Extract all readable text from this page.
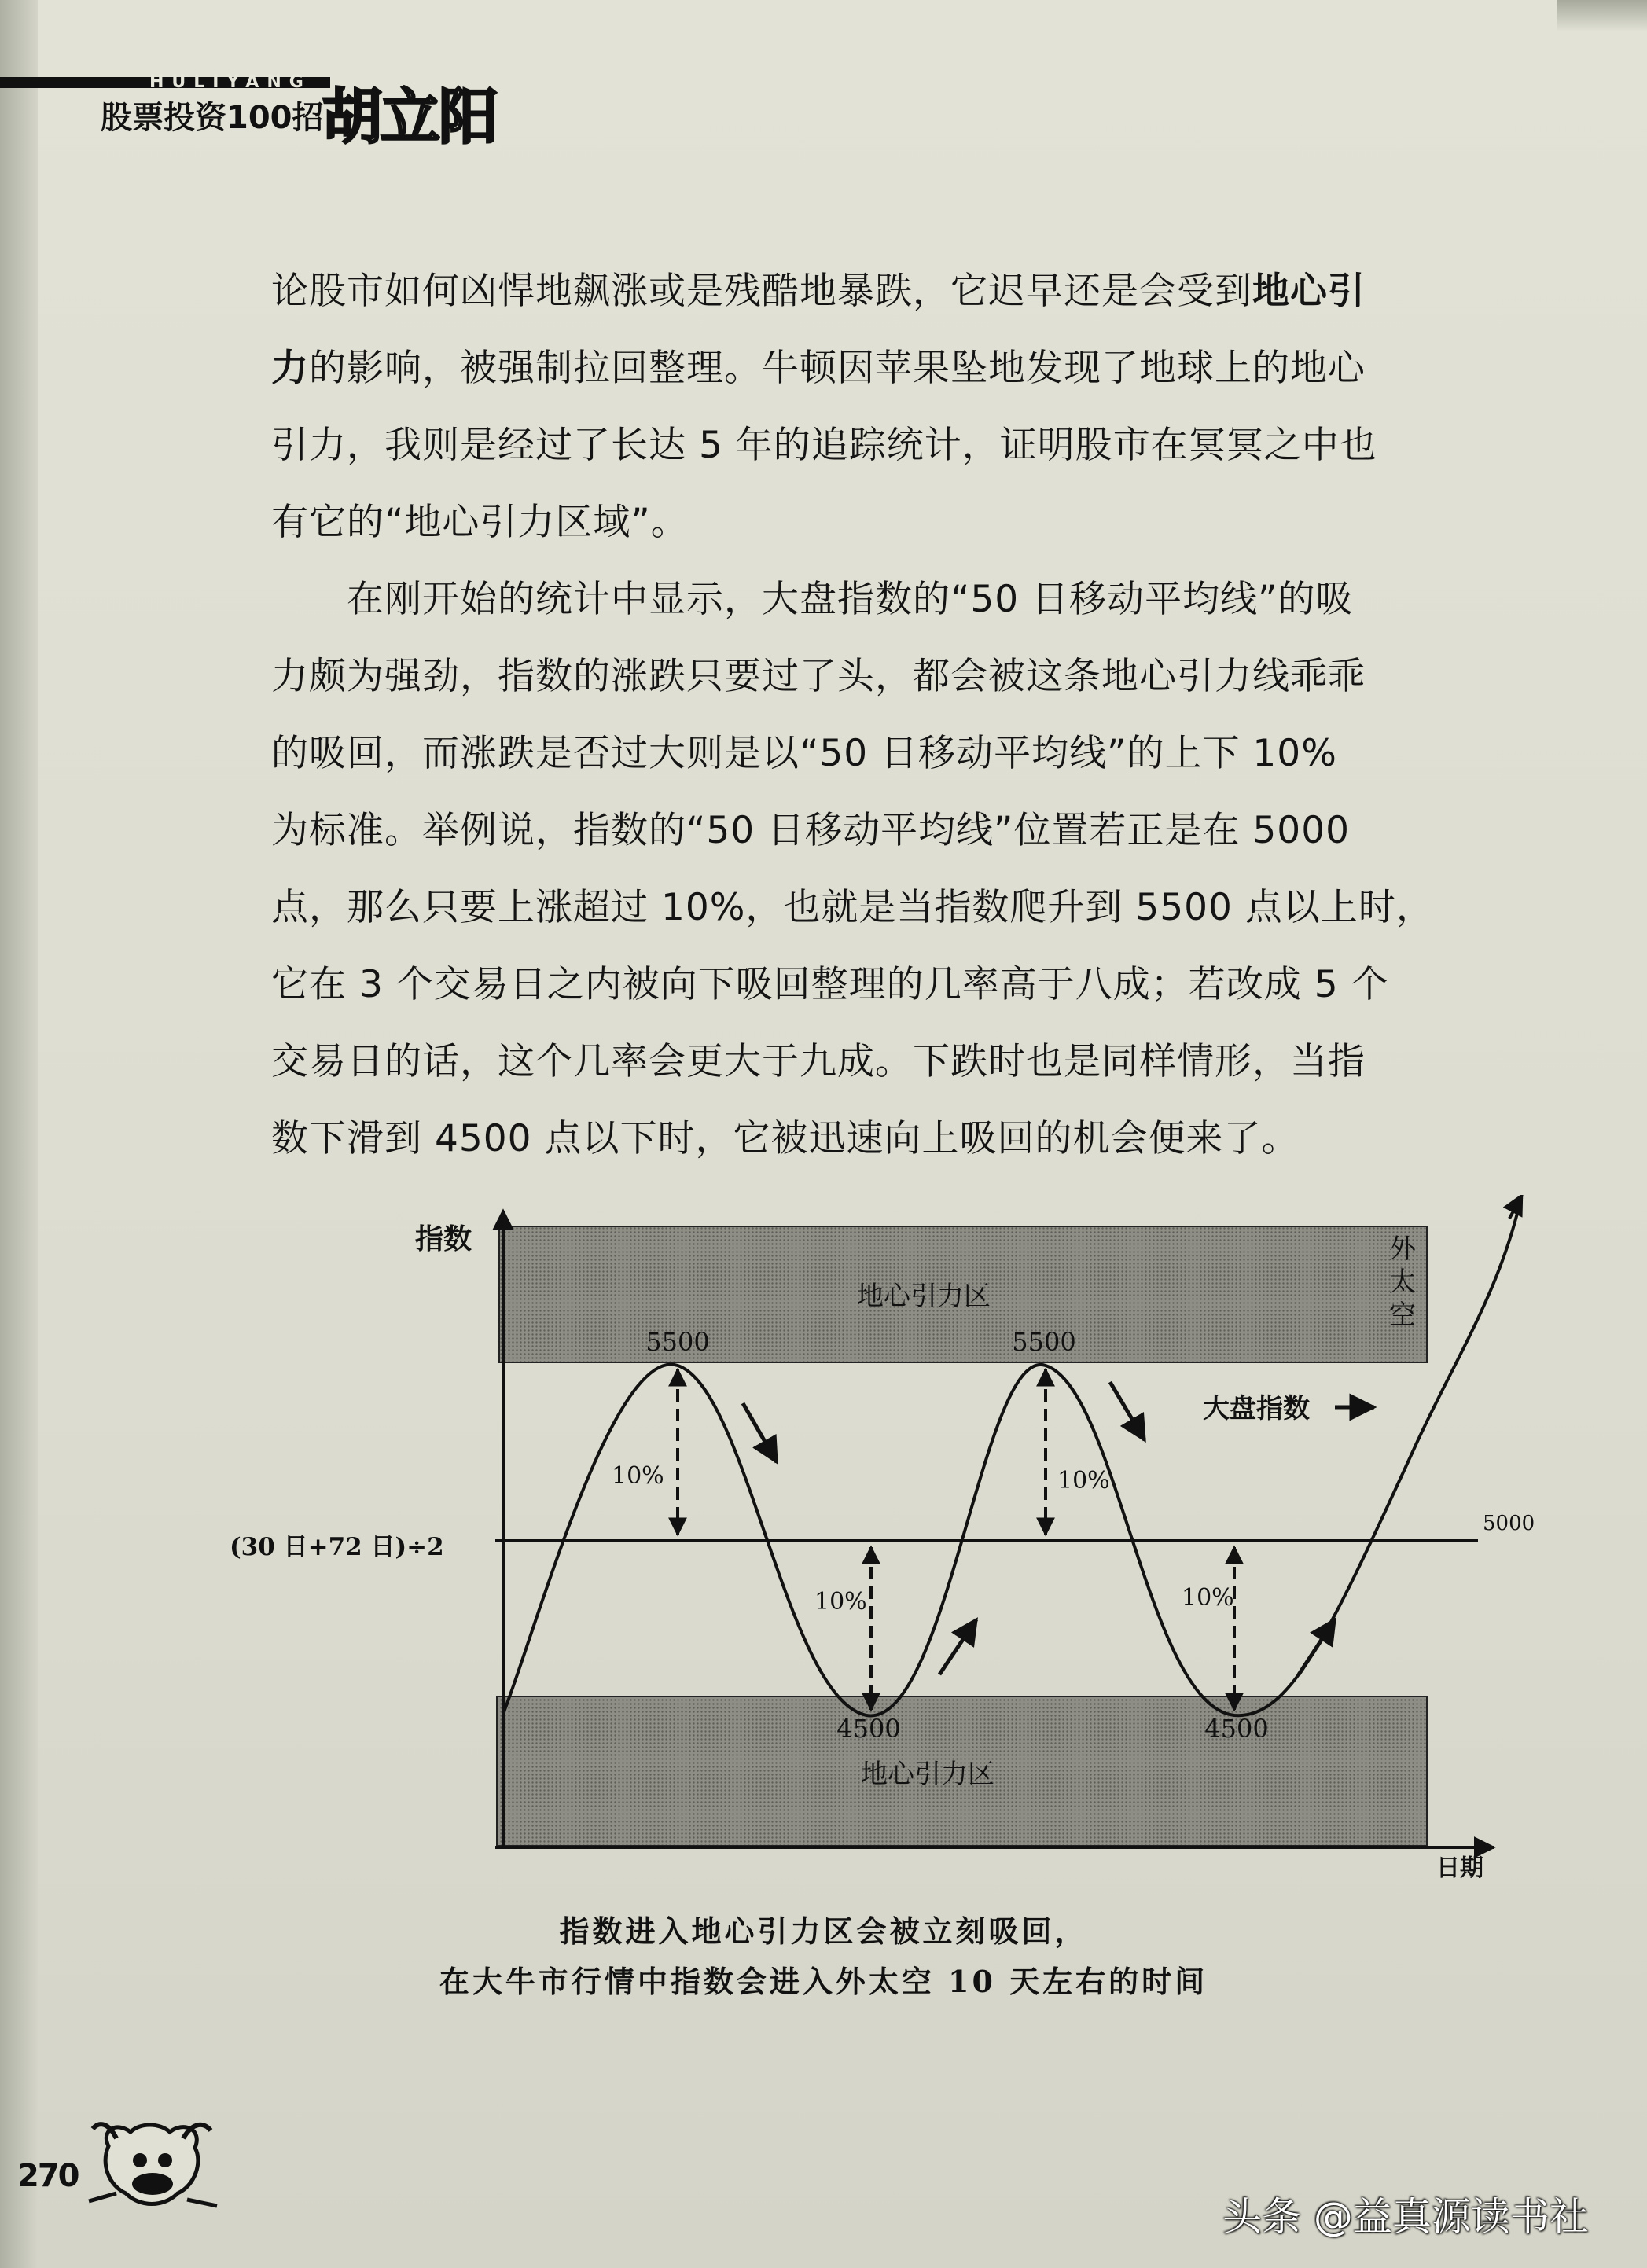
HULIYANG
股票投资100招
胡立阳

论股市如何凶悍地飙涨或是残酷地暴跌，它迟早还是会受到地心引

力的影响，被强制拉回整理。牛顿因苹果坠地发现了地球上的地心

引力，我则是经过了长达 5 年的追踪统计，证明股市在冥冥之中也

有它的“地心引力区域”。

　　在刚开始的统计中显示，大盘指数的“50 日移动平均线”的吸

力颇为强劲，指数的涨跌只要过了头，都会被这条地心引力线乖乖

的吸回，而涨跌是否过大则是以“50 日移动平均线”的上下 10%

为标准。举例说，指数的“50 日移动平均线”位置若正是在 5000

点，那么只要上涨超过 10%，也就是当指数爬升到 5500 点以上时，

它在 3 个交易日之内被向下吸回整理的几率高于八成；若改成 5 个

交易日的话，这个几率会更大于九成。下跌时也是同样情形，当指

数下滑到 4500 点以下时，它被迅速向上吸回的机会便来了。

指数
日期
地心引力区
地心引力区
大盘指数
(30 日+72 日)÷2
5000
5500	5500
4500	4500
10%
10%
10%
10%
外太空
指数进入地心引力区会被立刻吸回，
在大牛市行情中指数会进入外太空 10 天左右的时间
270
头条 @益真源读书社
